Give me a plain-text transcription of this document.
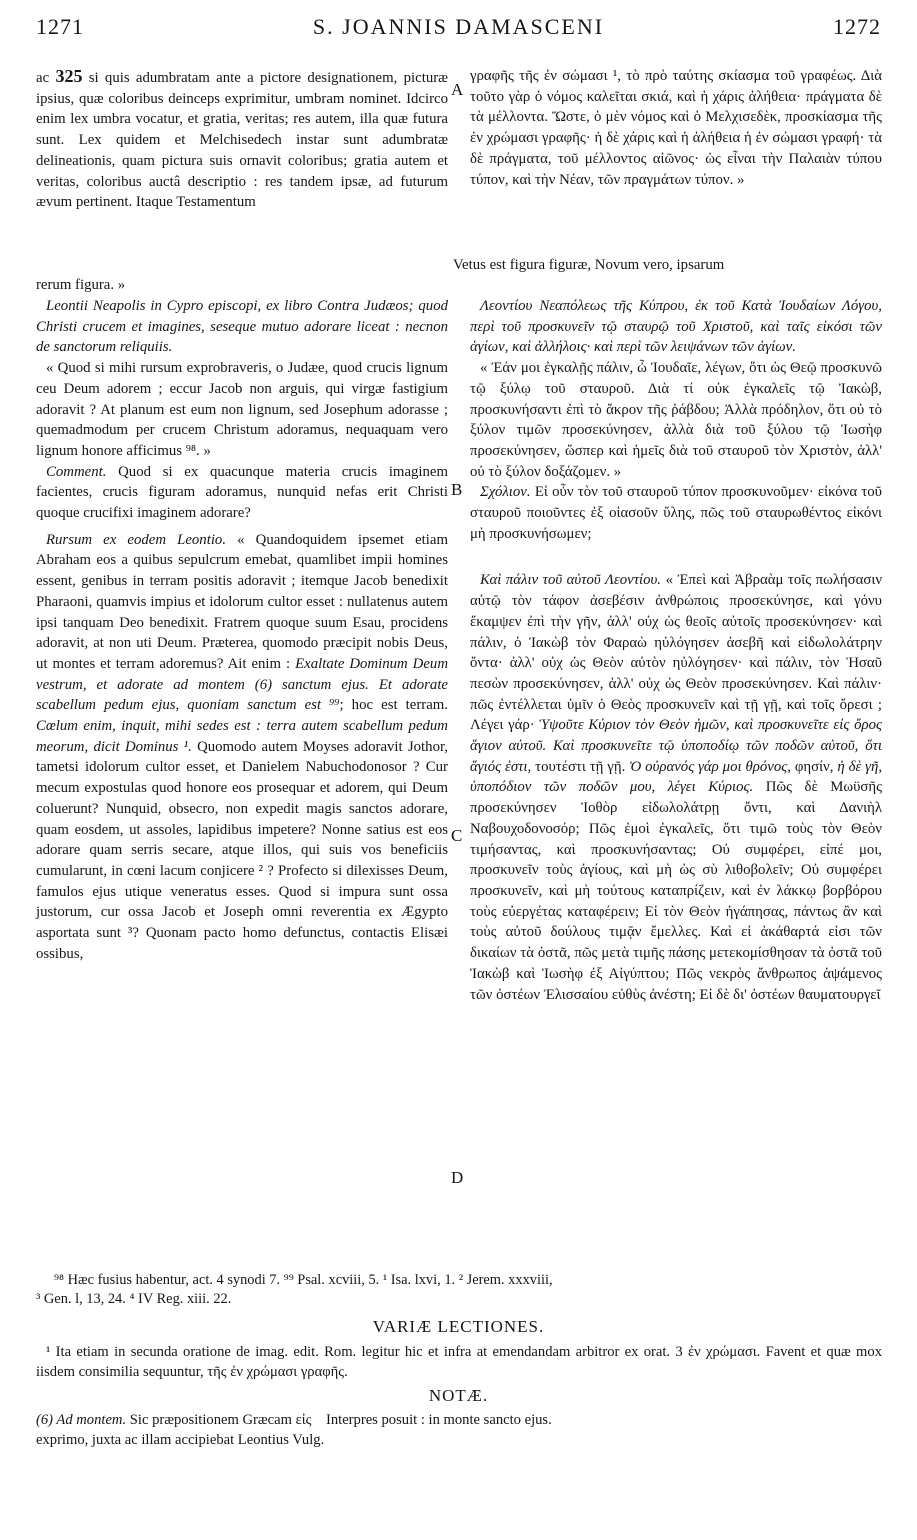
1271	S. JOANNIS DAMASCENI	1272
A
B
C
D

ac 325 si quis adumbratam ante a pictore designationem, picturæ ipsius, quæ coloribus deinceps exprimitur, umbram nominet. Idcirco enim lex umbra vocatur, et gratia, veritas; res autem, illa quæ futura sunt. Lex quidem et Melchisedech instar sunt adumbratæ delineationis, quam pictura suis ornavit coloribus; gratia autem et veritas, coloribus auctâ descriptio : res tandem ipsæ, ad futurum ævum pertinent. Itaque Testamentum

γραφῆς τῆς ἐν σώμασι ¹, τὸ πρὸ ταύτης σκίασμα τοῦ γραφέως. Διὰ τοῦτο γὰρ ὁ νόμος καλεῖται σκιά, καὶ ἡ χάρις ἀλήθεια· πράγματα δὲ τὰ μέλλοντα. Ὥστε, ὁ μὲν νόμος καὶ ὁ Μελχισεδὲκ, προσκίασμα τῆς ἐν χρώμασι γραφῆς· ἡ δὲ χάρις καὶ ἡ ἀλήθεια ἡ ἐν σώμασι γραφή· τὰ δὲ πράγματα, τοῦ μέλλοντος αἰῶνος· ὡς εἶναι τὴν Παλαιὰν τύπου τύπον, καὶ τὴν Νέαν, τῶν πραγμάτων τύπον. »

Vetus est figura figuræ, Novum vero, ipsarum
rerum figura. »

Leontii Neapolis in Cypro episcopi, ex libro Contra Judæos; quod Christi crucem et imagines, seseque mutuo adorare liceat : necnon de sanctorum reliquiis.

« Quod si mihi rursum exprobraveris, o Judæe, quod crucis lignum ceu Deum adorem ; eccur Jacob non arguis, qui virgæ fastigium adoravit ? At planum est eum non lignum, sed Josephum adorasse ; quemadmodum per crucem Christum adoramus, nequaquam vero lignum honore afficimus ⁹⁸. »

Comment. Quod si ex quacunque materia crucis imaginem facientes, crucis figuram adoramus, nunquid nefas erit Christi quoque crucifixi imaginem adorare?

Rursum ex eodem Leontio. « Quandoquidem ipsemet etiam Abraham eos a quibus sepulcrum emebat, quamlibet impii homines essent, genibus in terram positis adoravit ; itemque Jacob benedixit Pharaoni, quamvis impius et idolorum cultor esset : nullatenus autem ipsi tanquam Deo benedixit. Fratrem quoque suum Esau, procidens adoravit, at non uti Deum. Præterea, quomodo præcipit nobis Deus, ut montes et terram adoremus? Ait enim : Exaltate Dominum Deum vestrum, et adorate ad montem (6) sanctum ejus. Et adorate scabellum pedum ejus, quoniam sanctum est ⁹⁹; hoc est terram. Cœlum enim, inquit, mihi sedes est : terra autem scabellum pedum meorum, dicit Dominus ¹. Quomodo autem Moyses adoravit Jothor, tametsi idolorum cultor esset, et Danielem Nabuchodonosor ? Cur mecum expostulas quod honore eos prosequar et adorem, qui Deum coluerunt? Nunquid, obsecro, non expedit magis sanctos adorare, quam eosdem, ut assoles, lapidibus impetere? Nonne satius est eos adorare quam serris secare, atque illos, qui suis vos beneficiis cumularunt, in cœni lacum conjicere ² ? Profecto si dilexisses Deum, famulos ejus utique veneratus esses. Quod si impura sunt ossa justorum, cur ossa Jacob et Joseph omni reverentia ex Ægypto asportata sunt ³? Quonam pacto homo defunctus, contactis Elisæi ossibus,

Λεοντίου Νεαπόλεως τῆς Κύπρου, ἐκ τοῦ Κατὰ Ἰουδαίων Λόγου, περὶ τοῦ προσκυνεῖν τῷ σταυρῷ τοῦ Χριστοῦ, καὶ ταῖς εἰκόσι τῶν ἁγίων, καὶ ἀλλήλοις· καὶ περὶ τῶν λειψάνων τῶν ἁγίων.

« Ἐάν μοι ἐγκαλῇς πάλιν, ὦ Ἰουδαῖε, λέγων, ὅτι ὡς Θεῷ προσκυνῶ τῷ ξύλῳ τοῦ σταυροῦ. Διὰ τί οὐκ ἐγκαλεῖς τῷ Ἰακὼβ, προσκυνήσαντι ἐπὶ τὸ ἄκρον τῆς ῥάβδου; Ἀλλὰ πρόδηλον, ὅτι οὐ τὸ ξύλον τιμῶν προσεκύνησεν, ἀλλὰ διὰ τοῦ ξύλου τῷ Ἰωσὴφ προσεκύνησεν, ὥσπερ καὶ ἡμεῖς διὰ τοῦ σταυροῦ τὸν Χριστὸν, ἀλλ' οὐ τὸ ξύλον δοξάζομεν. »

Σχόλιον. Εἰ οὖν τὸν τοῦ σταυροῦ τύπον προσκυνοῦμεν· εἰκόνα τοῦ σταυροῦ ποιοῦντες ἐξ οἱασοῦν ὕλης, πῶς τοῦ σταυρωθέντος εἰκόνι μὴ προσκυνήσωμεν;

Καὶ πάλιν τοῦ αὐτοῦ Λεοντίου. « Ἐπεὶ καὶ Ἀβραὰμ τοῖς πωλήσασιν αὐτῷ τὸν τάφον ἀσεβέσιν ἀνθρώποις προσεκύνησε, καὶ γόνυ ἔκαμψεν ἐπὶ τὴν γῆν, ἀλλ' οὐχ ὡς θεοῖς αὐτοῖς προσεκύνησεν· καὶ πάλιν, ὁ Ἰακὼβ τὸν Φαραὼ ηὐλόγησεν ἀσεβῆ καὶ εἰδωλολάτρην ὄντα· ἀλλ' οὐχ ὡς Θεὸν αὐτὸν ηὐλόγησεν· καὶ πάλιν, τὸν Ἡσαῦ πεσὼν προσεκύνησεν, ἀλλ' οὐχ ὡς Θεὸν προσεκύνησεν. Καὶ πάλιν· πῶς ἐντέλλεται ὑμῖν ὁ Θεὸς προσκυνεῖν καὶ τῇ γῇ, καὶ τοῖς ὄρεσι ; Λέγει γάρ· Ὑψοῦτε Κύριον τὸν Θεὸν ἡμῶν, καὶ προσκυνεῖτε εἰς ὄρος ἅγιον αὐτοῦ. Καὶ προσκυνεῖτε τῷ ὑποποδίῳ τῶν ποδῶν αὐτοῦ, ὅτι ἅγιός ἐστι, τουτέστι τῇ γῇ. Ὁ οὐρανός γάρ μοι θρόνος, φησίν, ἡ δὲ γῆ, ὑποπόδιον τῶν ποδῶν μου, λέγει Κύριος. Πῶς δὲ Μωϋσῆς προσεκύνησεν Ἰοθὸρ εἰδωλολάτρῃ ὄντι, καὶ Δανιὴλ Ναβουχοδονοσόρ; Πῶς ἐμοὶ ἐγκαλεῖς, ὅτι τιμῶ τοὺς τὸν Θεὸν τιμήσαντας, καὶ προσκυνήσαντας; Οὐ συμφέρει, εἰπέ μοι, προσκυνεῖν τοὺς ἁγίους, καὶ μὴ ὡς σὺ λιθοβολεῖν; Οὐ συμφέρει προσκυνεῖν, καὶ μὴ τούτους καταπρίζειν, καὶ ἐν λάκκῳ βορβόρου τοὺς εὐεργέτας καταφέρειν; Εἰ τὸν Θεὸν ἠγάπησας, πάντως ἂν καὶ τοὺς αὐτοῦ δούλους τιμᾷν ἔμελλες. Καὶ εἰ ἀκάθαρτά εἰσι τῶν δικαίων τὰ ὀστᾶ, πῶς μετὰ τιμῆς πάσης μετεκομίσθησαν τὰ ὀστᾶ τοῦ Ἰακὼβ καὶ Ἰωσὴφ ἐξ Αἰγύπτου; Πῶς νεκρὸς ἄνθρωπος ἁψάμενος τῶν ὀστέων Ἐλισσαίου εὐθὺς ἀνέστη; Εἰ δὲ δι' ὀστέων θαυματουργεῖ

⁹⁸ Hæc fusius habentur, act. 4 synodi 7. ⁹⁹ Psal. xcviii, 5. ¹ Isa. lxvi, 1. ² Jerem. xxxviii,
³ Gen. l, 13, 24. ⁴ IV Reg. xiii. 22.
VARIÆ LECTIONES.
¹ Ita etiam in secunda oratione de imag. edit. Rom. legitur hic et infra at emendandam arbitror ex orat. 3 ἐν χρώμασι. Favent et quæ mox iisdem consimilia sequuntur, τῆς ἐν χρώμασι γραφῆς.
NOTÆ.
(6) Ad montem. Sic præpositionem Græcam εἰς    Interpres posuit : in monte sancto ejus.
exprimo, juxta ac illam accipiebat Leontius Vulg.
